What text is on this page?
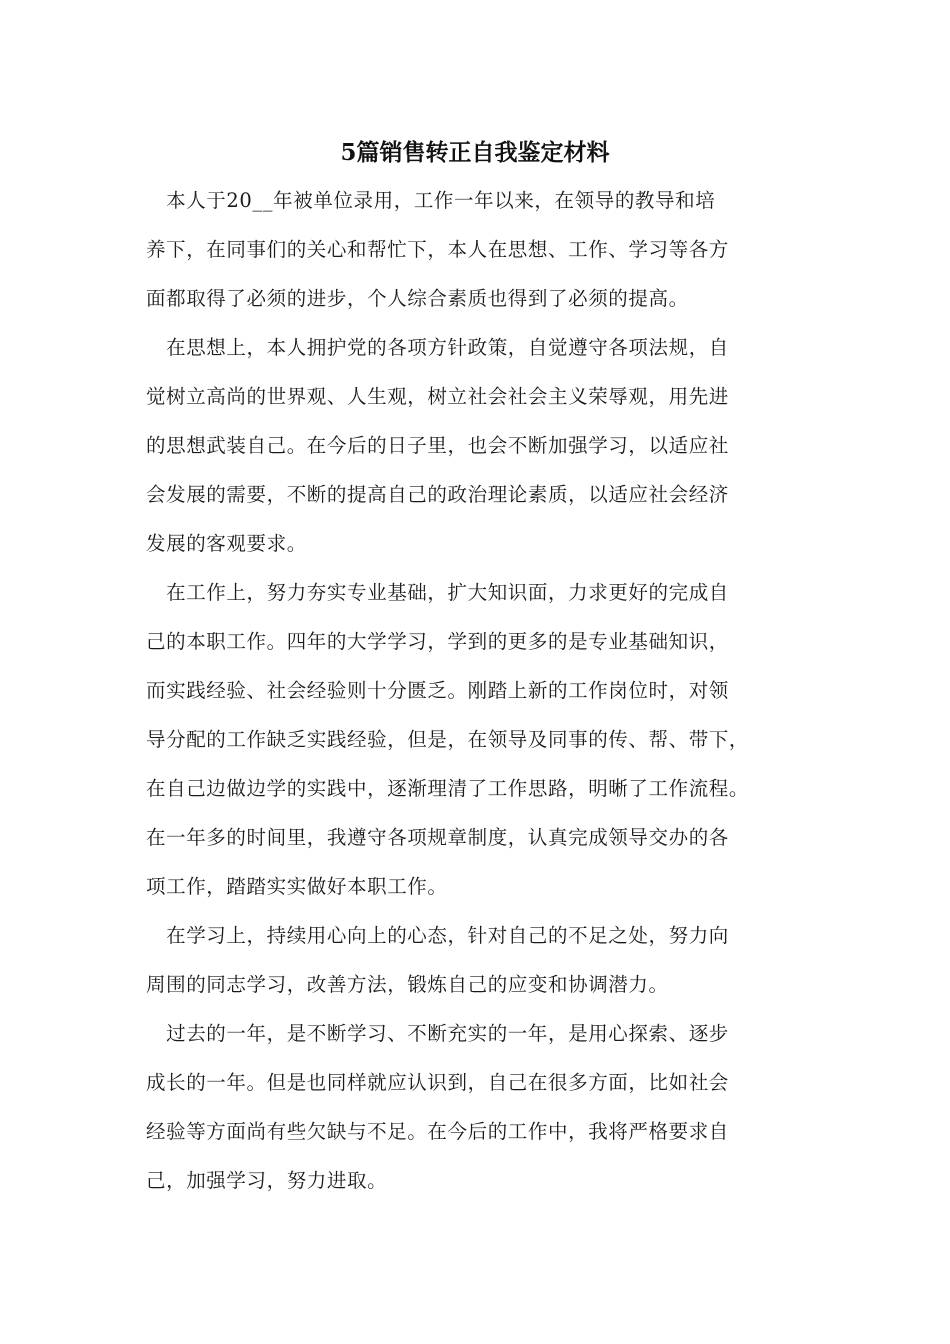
5篇销售转正自我鉴定材料

　本人于20__年被单位录用，工作一年以来，在领导的教导和培
养下，在同事们的关心和帮忙下，本人在思想、工作、学习等各方
面都取得了必须的进步，个人综合素质也得到了必须的提高。

　在思想上，本人拥护党的各项方针政策，自觉遵守各项法规，自
觉树立高尚的世界观、人生观，树立社会社会主义荣辱观，用先进
的思想武装自己。在今后的日子里，也会不断加强学习，以适应社
会发展的需要，不断的提高自己的政治理论素质，以适应社会经济
发展的客观要求。

　在工作上，努力夯实专业基础，扩大知识面，力求更好的完成自
己的本职工作。四年的大学学习，学到的更多的是专业基础知识，
而实践经验、社会经验则十分匮乏。刚踏上新的工作岗位时，对领
导分配的工作缺乏实践经验，但是，在领导及同事的传、帮、带下，
在自己边做边学的实践中，逐渐理清了工作思路，明晰了工作流程。
在一年多的时间里，我遵守各项规章制度，认真完成领导交办的各
项工作，踏踏实实做好本职工作。

　在学习上，持续用心向上的心态，针对自己的不足之处，努力向
周围的同志学习，改善方法，锻炼自己的应变和协调潜力。

　过去的一年，是不断学习、不断充实的一年，是用心探索、逐步
成长的一年。但是也同样就应认识到，自己在很多方面，比如社会
经验等方面尚有些欠缺与不足。在今后的工作中，我将严格要求自
己，加强学习，努力进取。
